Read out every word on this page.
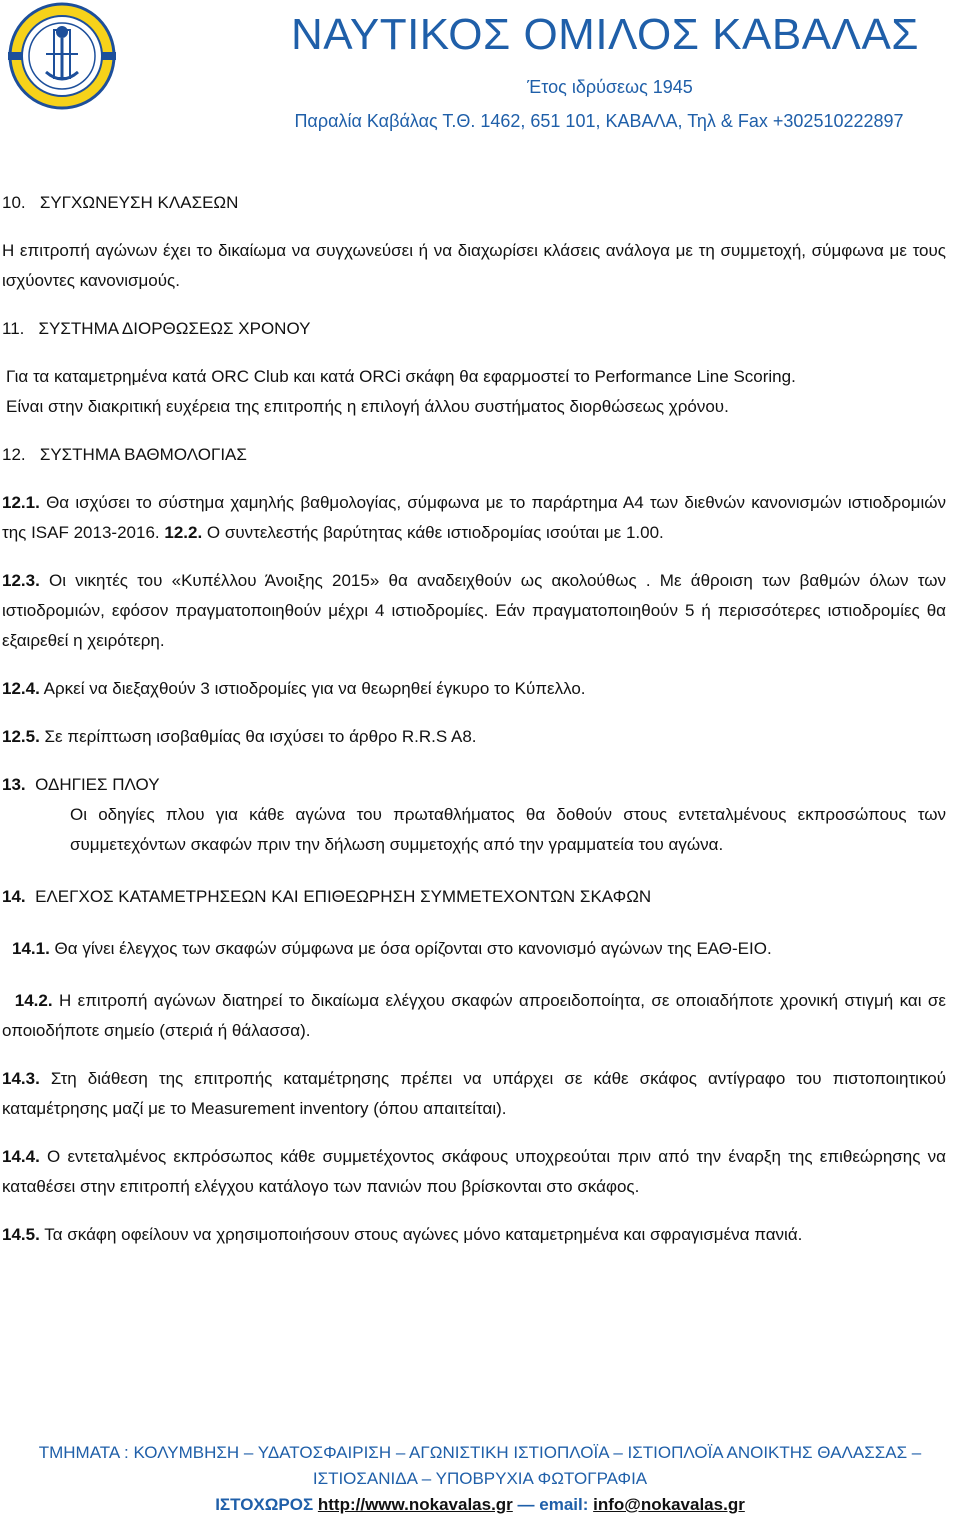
ΝΑΥΤΙΚΟΣ ΟΜΙΛΟΣ ΚΑΒΑΛΑΣ
Έτος ιδρύσεως 1945
Παραλία Καβάλας Τ.Θ. 1462, 651 101, ΚΑΒΑΛΑ, Τηλ & Fax +302510222897
10. ΣΥΓΧΩΝΕΥΣΗ ΚΛΑΣΕΩΝ

Η επιτροπή αγώνων έχει το δικαίωμα να συγχωνεύσει ή να διαχωρίσει κλάσεις ανάλογα με τη συμμετοχή, σύμφωνα με τους ισχύοντες κανονισμούς.

11. ΣΥΣΤΗΜΑ ΔΙΟΡΘΩΣΕΩΣ ΧΡΟΝΟΥ

Για τα καταμετρημένα κατά ORC Club και κατά ORCi σκάφη θα εφαρμοστεί το Performance Line Scoring.

Είναι στην διακριτική ευχέρεια της επιτροπής η επιλογή άλλου συστήματος διορθώσεως χρόνου.

12. ΣΥΣΤΗΜΑ ΒΑΘΜΟΛΟΓΙΑΣ

12.1. Θα ισχύσει το σύστημα χαμηλής βαθμολογίας, σύμφωνα με το παράρτημα Α4 των διεθνών κανονισμών ιστιοδρομιών της ISAF 2013-2016. 12.2. Ο συντελεστής βαρύτητας κάθε ιστιοδρομίας ισούται με 1.00.

12.3. Οι νικητές του «Κυπέλλου Άνοιξης 2015» θα αναδειχθούν ως ακολούθως . Με άθροιση των βαθμών όλων των ιστιοδρομιών, εφόσον πραγματοποιηθούν μέχρι 4 ιστιοδρομίες. Εάν πραγματοποιηθούν 5 ή περισσότερες ιστιοδρομίες θα εξαιρεθεί η χειρότερη.

12.4. Αρκεί να διεξαχθούν 3 ιστιοδρομίες για να θεωρηθεί έγκυρο το Κύπελλο.

12.5. Σε περίπτωση ισοβαθμίας θα ισχύσει το άρθρο R.R.S A8.

13. ΟΔΗΓΙΕΣ ΠΛΟΥ

Οι οδηγίες πλου για κάθε αγώνα του πρωταθλήματος θα δοθούν στους εντεταλμένους εκπροσώπους των συμμετεχόντων σκαφών πριν την δήλωση συμμετοχής από την γραμματεία του αγώνα.

14. ΕΛΕΓΧΟΣ ΚΑΤΑΜΕΤΡΗΣΕΩΝ ΚΑΙ ΕΠΙΘΕΩΡΗΣΗ ΣΥΜΜΕΤΕΧΟΝΤΩΝ ΣΚΑΦΩΝ

14.1. Θα γίνει έλεγχος των σκαφών σύμφωνα με όσα ορίζονται στο κανονισμό αγώνων της ΕΑΘ-ΕΙΟ.

14.2. Η επιτροπή αγώνων διατηρεί το δικαίωμα ελέγχου σκαφών απροειδοποίητα, σε οποιαδήποτε χρονική στιγμή και σε οποιοδήποτε σημείο (στεριά ή θάλασσα).

14.3. Στη διάθεση της επιτροπής καταμέτρησης πρέπει να υπάρχει σε κάθε σκάφος αντίγραφο του πιστοποιητικού καταμέτρησης μαζί με το Measurement inventory (όπου απαιτείται).

14.4. Ο εντεταλμένος εκπρόσωπος κάθε συμμετέχοντος σκάφους υποχρεούται πριν από την έναρξη της επιθεώρησης να καταθέσει στην επιτροπή ελέγχου κατάλογο των πανιών που βρίσκονται στο σκάφος.

14.5. Τα σκάφη οφείλουν να χρησιμοποιήσουν στους αγώνες μόνο καταμετρημένα και σφραγισμένα πανιά.

ΤΜΗΜΑΤΑ : ΚΟΛΥΜΒΗΣΗ – ΥΔΑΤΟΣΦΑΙΡΙΣΗ – ΑΓΩΝΙΣΤΙΚΗ ΙΣΤΙΟΠΛΟΪΑ – ΙΣΤΙΟΠΛΟΪΑ ΑΝΟΙΚΤΗΣ ΘΑΛΑΣΣΑΣ –
ΙΣΤΙΟΣΑΝΙΔΑ – ΥΠΟΒΡΥΧΙΑ ΦΩΤΟΓΡΑΦΙΑ
ΙΣΤΟΧΩΡΟΣ http://www.nokavalas.gr — email: info@nokavalas.gr
